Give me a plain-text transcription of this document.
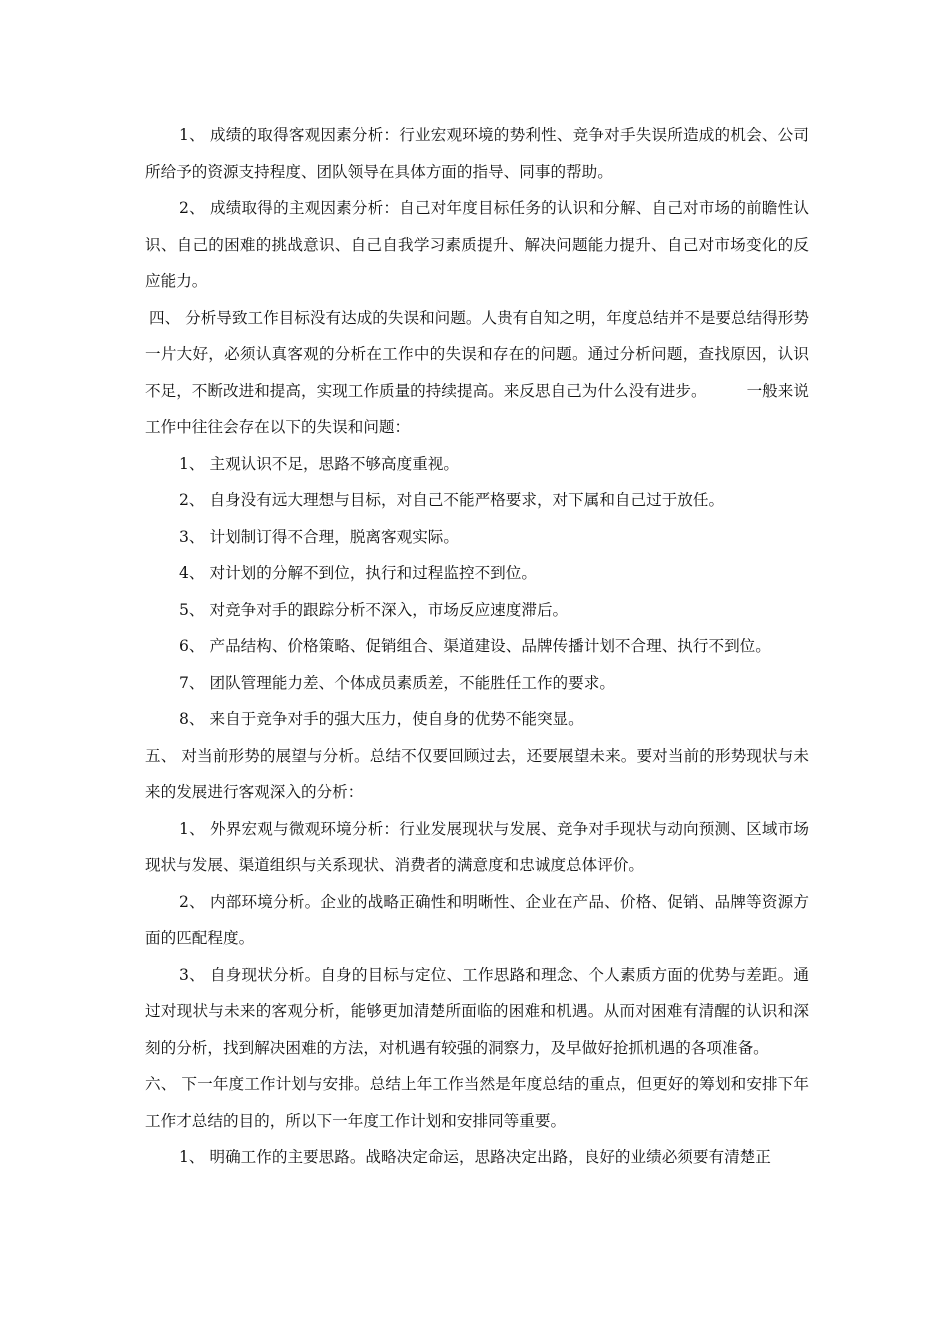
1、 成绩的取得客观因素分析：行业宏观环境的势利性、竞争对手失误所造成的机会、公司所给予的资源支持程度、团队领导在具体方面的指导、同事的帮助。

2、 成绩取得的主观因素分析：自己对年度目标任务的认识和分解、自己对市场的前瞻性认识、自己的困难的挑战意识、自己自我学习素质提升、解决问题能力提升、自己对市场变化的反应能力。

四、 分析导致工作目标没有达成的失误和问题。人贵有自知之明，年度总结并不是要总结得形势一片大好，必须认真客观的分析在工作中的失误和存在的问题。通过分析问题，查找原因，认识不足，不断改进和提高，实现工作质量的持续提高。来反思自己为什么没有进步。	一般来说工作中往往会存在以下的失误和问题：

1、 主观认识不足，思路不够高度重视。

2、 自身没有远大理想与目标，对自己不能严格要求，对下属和自己过于放任。

3、 计划制订得不合理，脱离客观实际。

4、 对计划的分解不到位，执行和过程监控不到位。

5、 对竞争对手的跟踪分析不深入，市场反应速度滞后。

6、 产品结构、价格策略、促销组合、渠道建设、品牌传播计划不合理、执行不到位。

7、 团队管理能力差、个体成员素质差，不能胜任工作的要求。

8、 来自于竞争对手的强大压力，使自身的优势不能突显。

五、 对当前形势的展望与分析。总结不仅要回顾过去，还要展望未来。要对当前的形势现状与未来的发展进行客观深入的分析：

1、 外界宏观与微观环境分析：行业发展现状与发展、竞争对手现状与动向预测、区域市场现状与发展、渠道组织与关系现状、消费者的满意度和忠诚度总体评价。

2、 内部环境分析。企业的战略正确性和明晰性、企业在产品、价格、促销、品牌等资源方面的匹配程度。

3、 自身现状分析。自身的目标与定位、工作思路和理念、个人素质方面的优势与差距。通过对现状与未来的客观分析，能够更加清楚所面临的困难和机遇。从而对困难有清醒的认识和深刻的分析，找到解决困难的方法，对机遇有较强的洞察力，及早做好抢抓机遇的各项准备。

六、 下一年度工作计划与安排。总结上年工作当然是年度总结的重点，但更好的筹划和安排下年工作才总结的目的，所以下一年度工作计划和安排同等重要。

1、 明确工作的主要思路。战略决定命运，思路决定出路，良好的业绩必须要有清楚正
